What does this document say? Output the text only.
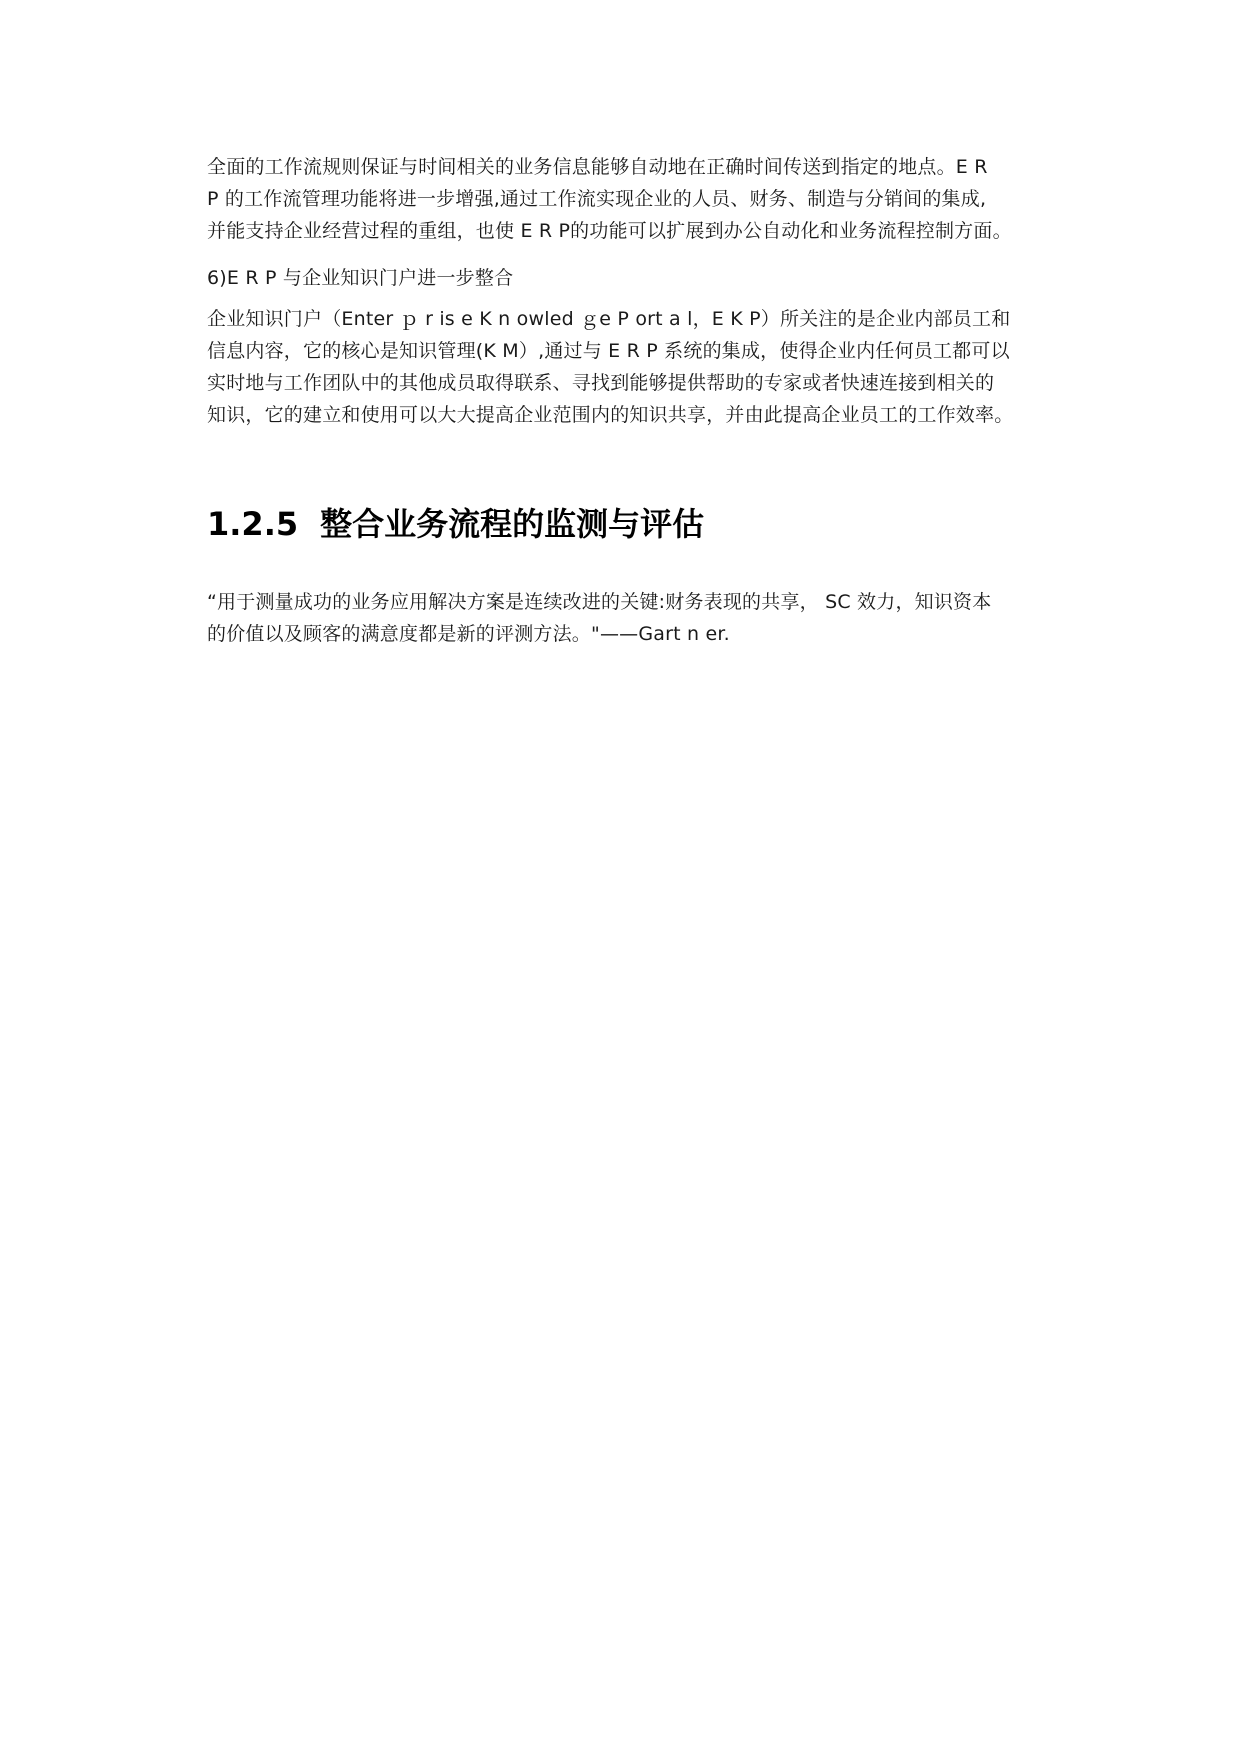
全面的工作流规则保证与时间相关的业务信息能够自动地在正确时间传送到指定的地点。E R
P 的工作流管理功能将进一步增强,通过工作流实现企业的人员、财务、制造与分销间的集成,
并能支持企业经营过程的重组，也使 E R P的功能可以扩展到办公自动化和业务流程控制方面。
6)E R P 与企业知识门户进一步整合
企业知识门户（Enter ｐ r is e K n owled ｇe P ort a l，E K P）所关注的是企业内部员工和
信息内容，它的核心是知识管理(K M）,通过与 E R P 系统的集成，使得企业内任何员工都可以
实时地与工作团队中的其他成员取得联系、寻找到能够提供帮助的专家或者快速连接到相关的
知识，它的建立和使用可以大大提高企业范围内的知识共享，并由此提高企业员工的工作效率。
1.2.5 整合业务流程的监测与评估
“用于测量成功的业务应用解决方案是连续改进的关键:财务表现的共享， SC 效力，知识资本
的价值以及顾客的满意度都是新的评测方法。"——Gart n er.
